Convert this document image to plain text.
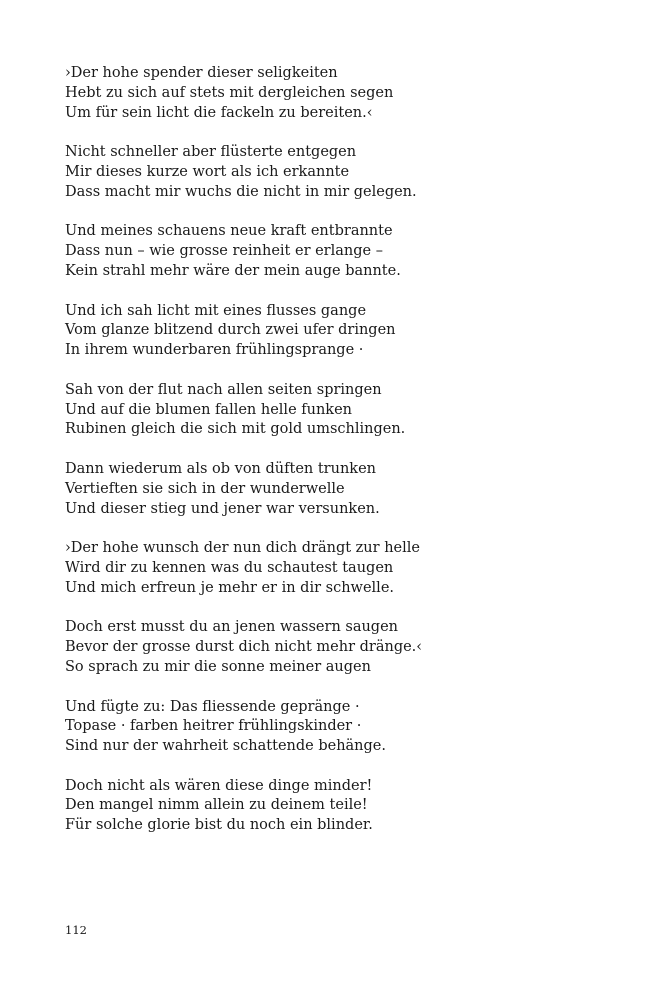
›Der hohe spender dieser seligkeiten
Hebt zu sich auf stets mit dergleichen segen
Um für sein licht die fackeln zu bereiten.‹
Nicht schneller aber flüsterte entgegen
Mir dieses kurze wort als ich erkannte
Dass macht mir wuchs die nicht in mir gelegen.
Und meines schauens neue kraft entbrannte
Dass nun – wie grosse reinheit er erlange –
Kein strahl mehr wäre der mein auge bannte.
Und ich sah licht mit eines flusses gange
Vom glanze blitzend durch zwei ufer dringen
In ihrem wunderbaren frühlingsprange ·
Sah von der flut nach allen seiten springen
Und auf die blumen fallen helle funken
Rubinen gleich die sich mit gold umschlingen.
Dann wiederum als ob von düften trunken
Vertieften sie sich in der wunderwelle
Und dieser stieg und jener war versunken.
›Der hohe wunsch der nun dich drängt zur helle
Wird dir zu kennen was du schautest taugen
Und mich erfreun je mehr er in dir schwelle.
Doch erst musst du an jenen wassern saugen
Bevor der grosse durst dich nicht mehr dränge.‹
So sprach zu mir die sonne meiner augen
Und fügte zu: Das fliessende gepränge ·
Topase · farben heitrer frühlingskinder ·
Sind nur der wahrheit schattende behänge.
Doch nicht als wären diese dinge minder!
Den mangel nimm allein zu deinem teile!
Für solche glorie bist du noch ein blinder.
112
